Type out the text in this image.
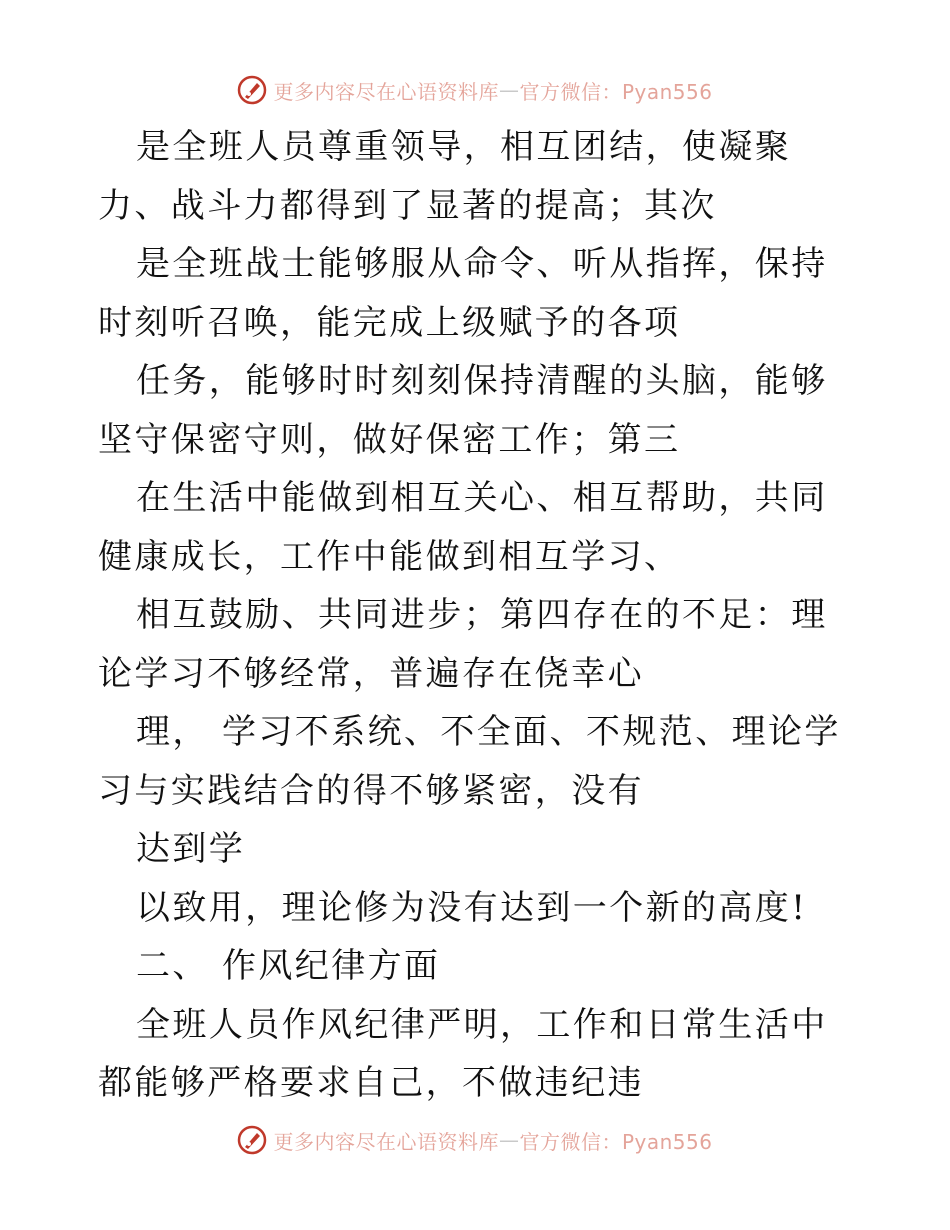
更多内容尽在心语资料库 — 官方微信：Pyan556

是全班人员尊重领导，相互团结，使凝聚力、战斗力都得到了显著的提高；其次

是全班战士能够服从命令、听从指挥，保持时刻听召唤，能完成上级赋予的各项

任务，能够时时刻刻保持清醒的头脑，能够坚守保密守则，做好保密工作；第三

在生活中能做到相互关心、相互帮助，共同健康成长，工作中能做到相互学习、

相互鼓励、共同进步；第四存在的不足：理论学习不够经常，普遍存在侥幸心

理， 学习不系统、不全面、不规范、理论学习与实践结合的得不够紧密，没有

达到学

以致用，理论修为没有达到一个新的高度!

二、 作风纪律方面

全班人员作风纪律严明，工作和日常生活中都能够严格要求自己，不做违纪违

更多内容尽在心语资料库 — 官方微信：Pyan556
